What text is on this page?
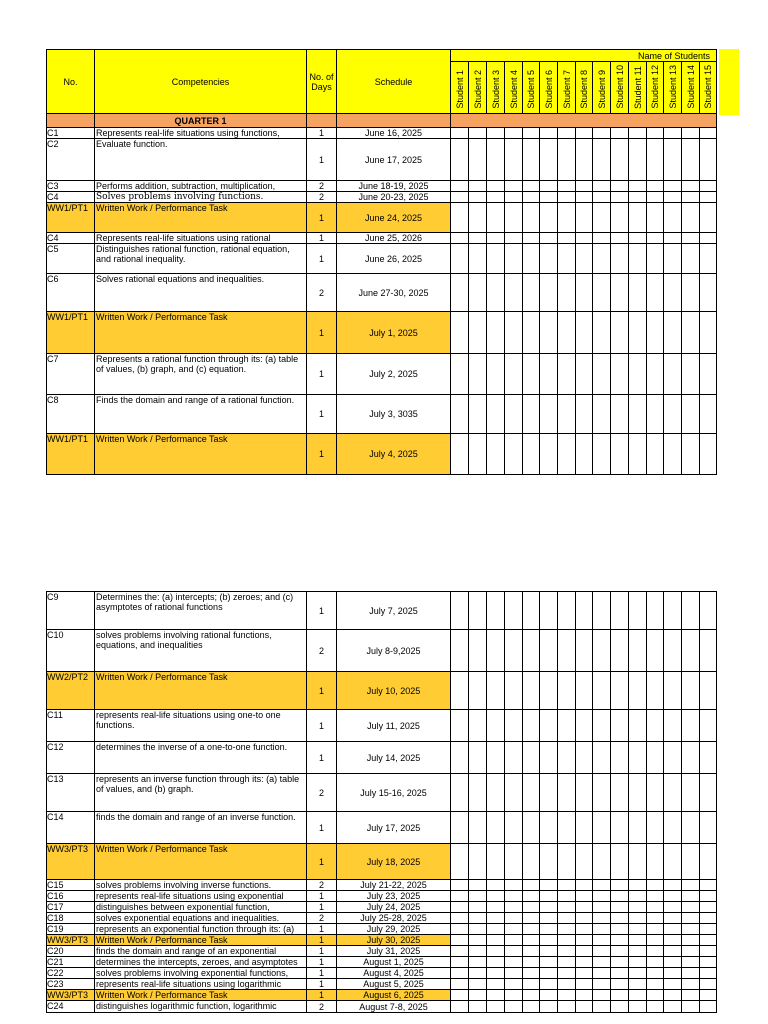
No.	Competencies	No. of Days	Schedule	Name of Students														
				Student 1	Student 2	Student 3	Student 4	Student 5	Student 6	Student 7	Student 8	Student 9	Student 10	Student 11	Student 12	Student 13	Student 14	Student 15
	QUARTER 1																	
C1	Represents real-life situations using functions,	1	June 16, 2025															
C2	Evaluate function.	1	June 17, 2025															
C3	Performs addition, subtraction, multiplication,	2	June 18-19, 2025															
C4	Solves problems involving functions.	2	June 20-23, 2025															
WW1/PT1	Written Work / Performance Task	1	June 24, 2025															
C4	Represents real-life situations using rational	1	June 25, 2026															
C5	Distinguishes rational function, rational equation, and rational inequality.	1	June 26, 2025															
C6	Solves rational equations and inequalities.	2	June 27-30, 2025															
WW1/PT1	Written Work / Performance Task	1	July 1, 2025															
C7	Represents a rational function through its: (a) table of values, (b) graph, and (c) equation.	1	July 2, 2025															
C8	Finds the domain and range of a rational function.	1	July 3, 3035															
WW1/PT1	Written Work / Performance Task	1	July 4, 2025															
C9	Determines the: (a) intercepts; (b) zeroes; and (c) asymptotes of rational functions	1	July 7, 2025															
C10	solves problems involving rational functions, equations, and inequalities	2	July 8-9,2025															
WW2/PT2	Written Work / Performance Task	1	July 10, 2025															
C11	represents real-life situations using one-to one functions.	1	July 11, 2025															
C12	determines the inverse of a one-to-one function.	1	July 14, 2025															
C13	represents an inverse function through its: (a) table of values, and (b) graph.	2	July 15-16, 2025															
C14	finds the domain and range of an inverse function.	1	July 17, 2025															
WW3/PT3	Written Work / Performance Task	1	July 18, 2025															
C15	solves problems involving inverse functions.	2	July 21-22, 2025															
C16	represents real-life situations using exponential	1	July 23, 2025															
C17	distinguishes between exponential function,	1	July 24, 2025															
C18	solves exponential equations and inequalities.	2	July 25-28, 2025															
C19	represents an exponential function through its: (a)	1	July 29, 2025															
WW3/PT3	Written Work / Performance Task	1	July 30, 2025															
C20	finds the domain and range of an exponential	1	July 31, 2025															
C21	determines the intercepts, zeroes, and asymptotes	1	August 1, 2025															
C22	solves problems involving exponential functions,	1	August 4, 2025															
C23	represents real-life situations using logarithmic	1	August 5, 2025															
WW3/PT3	Written Work / Performance Task	1	August 6, 2025															
C24	distinguishes logarithmic function, logarithmic	2	August 7-8, 2025															
